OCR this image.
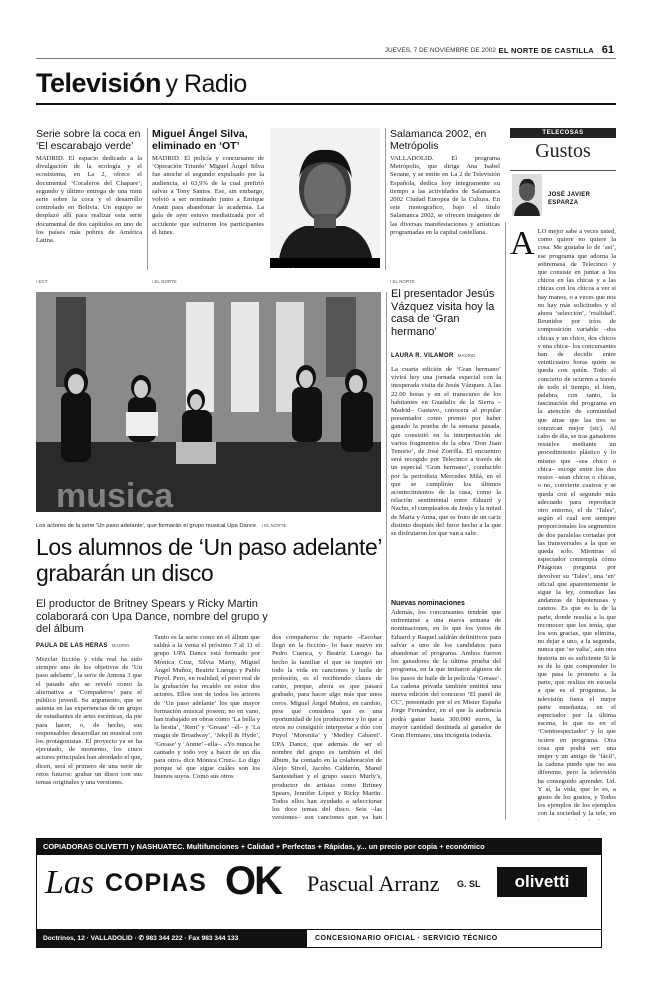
JUEVES, 7 DE NOVIEMBRE DE 2002 EL NORTE DE CASTILLA 61
Televisión y Radio
Serie sobre la coca en ‘El escarabajo verde’
MADRID. El espacio dedicado a la divulgación de la ecología y el ecosistema, en La 2, ofrece el documental ‘Cocaleros del Chapare’, segundo y último entrega de una mini serie sobre la coca y el desarrollo controlado en Bolivia. Un equipo se desplazó allí para realizar esta serie documental de dos capítulos en uno de los países más pobres de América Latina.
/ ECT
Miguel Ángel Silva, eliminado en ‘OT’
MADRID. El policía y concursante de ‘Operación Triunfo’ Miguel Ángel Silva fue anoche el segundo expulsado por la audiencia, el 63,9% de la cual prefirió salvar a Tony Santos. Ese, sin embargo, volvió a ser nominado junto a Enrique Anaut para abandonar la academia. La gala de ayer estuvo mediatizada por el accidente que sufrieron los participantes el lunes.
/ EL NORTE
Salamanca 2002, en Metrópolis
VALLADOLID. El programa Metrópolis, que dirige Ana Isabel Seoane, y se emite en La 2 de Televisión Española, dedica hoy íntegramente su tiempo a las actividades de Salamanca 2002 Ciudad Europea de la Cultura. En este monográfico, bajo el título Salamanca 2002, se ofrecen imágenes de las diversas manifestaciones y artísticas programadas en la capital castellana.
/ EL NORTE
TELECOSAS
Gustos
JOSÉ JAVIER
ESPARZA
musica
Los actores de la serie ‘Un paso adelante’, que formarán el grupo musical Upa Dance. / EL NORTE
Los alumnos de ‘Un paso adelante’ grabarán un disco
El productor de Britney Spears y Ricky Martin colaborará con Upa Dance, nombre del grupo y del álbum
PAULA DE LAS HERAS MADRID
Mezclar ficción y vida real ha sido siempre uno de los objetivos de ‘Un paso adelante’, la serie de Antena 3 que el pasado año se reveló como la alternativa a ‘Compañeros’ para el público juvenil. Su argumento, que se asienta en las experiencias de un grupo de estudiantes de artes escénicas, da pie para hacer, o, de hecho, sus responsables desarrollar un musical con los protagonistas. El proyecto ya se ha ejecutado, de momento, los cinco actores principales han abordado el que, dicen, será el primero de una serie de retos futuros: grabar un disco con sus temas originales y una versiones.
Tanto es la serie como en el álbum que saldrá a la venta el próximo 7 al 11 el grupo UPA Dance está formado por Mónica Cruz, Silvia Marty, Miguel Ángel Muñoz, Beatriz Luengo y Pablo Puyol. Pero, en realidad, el peso real de la grabación ha recaído en estos dos actores. Ellos son de todos los actores de ‘Un paso adelante’ los que mayor formación musical poseen; no en vano, han trabajado en obras como ‘La bella y la bestia’, ‘Rent’ y ‘Grease’ –él– y ‘La magia de Broadway’, ‘Jekyll & Hyde’, ‘Grease’ y ‘Annie’ –ella–. «Yo nunca he cantado y todo voy a hacer de un día para otro» dice Mónica Cruz». Lo digo porque sé que sigue cuáles son los buenos suyos. Como sus otros
dos compañeros de reparto –Escobar llegó en la ficción– lo hace nuevo en Pedro Cuenca, y Beatriz Luengo ha hecho la familiar el que se inspiró en todo la vida en canciones y baila de profesión, es el recibiendo clases de canto, porque, ahora es que pasará grabado, para hacer algo más que unos coros. Miguel Ángel Muñoz, en cambio, pese que considera que es una oportunidad de los productores y lo que a otros no consiguió: interpretar a dúo con Puyol ‘Morenita’ y ‘Medley Cabaret’. UPA Dance, que además de ser el nombre del grupo es también el del álbum, ha contado en la colaboración de Alejo Stivel, Jacobo Calderón, Manel Santesteban y el grupo sueco Murly’s, productor de artistas como Britney Spears, Jennifer López y Ricky Martin. Todos ellos han ayudado a seleccionar los doce temas del disco. Seis –las versiones– son canciones que ya han
El presentador Jesús Vázquez visita hoy la casa de ‘Gran hermano’
LAURA R. VILAMOR MADRID
La cuarta edición de ‘Gran hermano’ vivirá hoy una jornada especial con la inesperada visita de Jesús Vázquez. A las 22.00 horas y en el transcurso de los habitantes en Guadalix de la Sierra –Madrid– Gustavo, conocerá al popular presentador como premio por haber ganado la prueba de la semana pasada, que consistió en la interpretación de varios fragmentos de la obra ‘Don Juan Tenorio’, de José Zorrilla. El encuentro será recogido por Telecinco a través de un especial ‘Gran hermano’, conducido por la periodista Mercedes Milá, en el que se cumplirán los últimos acontecimientos de la casa, como la relación sentimental entre Eduard y Nacho, el cumpleaños de Jesús y la mitad de Marta y Anna, que es fruto de un cariz distinto después del furor hecho a la que se disfrutaron los que van a salir.
Nuevas nominaciones
Además, los concursantes tendrán que enfrentarse a una nueva semana de nominaciones, en lo que los votos de Eduard y Raquel saldrán definitivos para salvar a uno de los candidatos para abandonar el programa. Ambos fueron los ganadores de la última prueba del programa, en la que imitaron algunos de los pasos de baile de la película ‘Grease’. La cadena privada también emitirá una nueva edición del concurso ‘El panel de CC’, presentado por el ex Míster España Jorge Fernández, en el que la audiencia podrá ganar hasta 300.000 euros, la mayor cantidad destinada al ganador de Gran Hermano, una incógnita todavía.
A LO mejor sabe a veces usted, como quiere no quiere la cosa. Me gustaba lo de ‘así’, ese programa que adorna la sobremesa de Telecinco y que consiste en juntar a los chicos en las chicas y a las chicas con los chicos a ver si hay manos, o a veces que nos no hay más solicitudes y el ahora ‘selección’, ‘realidad’. Reunidos por tríos de composición variable –dos chicas y un chico, dos chicos y una chica– los concursantes han de decidir entre veinticuatro horas quién se queda con quién. Todo el concierto de ocurren a través de todo el tiempo, el bien, palabra, con tanto, la fascinación del programa en la atención de comunidad que atrae que las tres se conozcan mejor (sic). Al cabo de día, se tras ganadores resuelve mediante un procedimiento plástico y lo mismo que –sea chico o chica– escoge entre los dos restos –sean chicos o chicas, o no, convierte cuatros y se queda con el segundo más adecuado para reproducir otro entorno, el de ‘Tales’, según el cual son siempre proporcionales los segmentos de dos paralelas cortadas por las transversales a la que se queda solo. Mientras el espectador contempla cómo Pitágoras pregunta por devolver su ‘Tales’, una ‘en’ oficial que aparentemente le sigue la ley, comedias las andanzas de hipotenusas y catetos. Es que es la de la parte, donde resulta a la que reconocer que los tenía, que los son gracias, que elimina, no dejar a uno, a la segunda, nunca que ‘se valía’, aún otra historia no es suficiente Si le es de lo que comprender lo que pasa le prometo a la parte, que realiza en escuela a que es el programa, la televisión fuera el mejor parte enseñanza, en el espectador por la última escena, lo que es en el ‘Cientoespectador’ y lo que ocurre en programa. Otra cosa que podrá ser: una mujer y un amigo de ‘fácil’, la cadena puede que no sea diferente, pero la televisión ha conseguido aprender. Ud. Y sí, la vida, que lo es, a gusto de los gustos, y Todos los ejemplos de los ejemplos con la sociedad y la tele, en
COPIADORAS OLIVETTI y NASHUATEC. Multifunciones + Calidad + Perfectas + Rápidas, y... un precio por copia + económico
Las COPIAS OK Pascual Arranz G. SL	olivetti
Doctrinos, 12 · VALLADOLID · ✆ 983 344 222 · Fax 983 344 133	CONCESIONARIO OFICIAL · SERVICIO TÉCNICO
